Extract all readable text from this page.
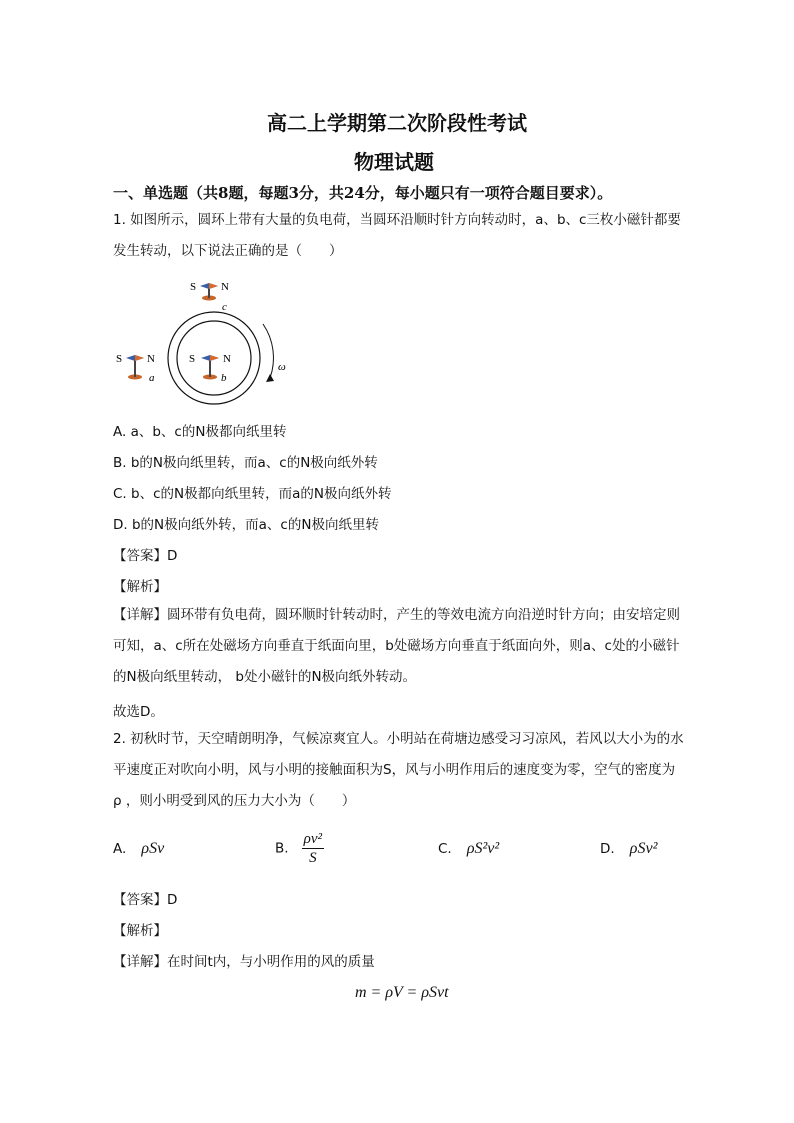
高二上学期第二次阶段性考试
物理试题
一、单选题（共8题，每题3分，共24分，每小题只有一项符合题目要求）。
1. 如图所示，圆环上带有大量的负电荷，当圆环沿顺时针方向转动时，a、b、c三枚小磁针都要
发生转动，以下说法正确的是（　　）
ω
S N
c
S N
a
S	N
b
A. a、b、c的N极都向纸里转
B. b的N极向纸里转，而a、c的N极向纸外转
C. b、c的N极都向纸里转，而a的N极向纸外转
D. b的N极向纸外转，而a、c的N极向纸里转
【答案】D
【解析】
【详解】圆环带有负电荷，圆环顺时针转动时，产生的等效电流方向沿逆时针方向；由安培定则
可知，a、c所在处磁场方向垂直于纸面向里，b处磁场方向垂直于纸面向外，则a、c处的小磁针
的N极向纸里转动， b处小磁针的N极向纸外转动。
故选D。
2. 初秋时节，天空晴朗明净，气候凉爽宜人。小明站在荷塘边感受习习凉风，若风以大小为的水
平速度正对吹向小明，风与小明的接触面积为S，风与小明作用后的速度变为零，空气的密度为
ρ ，则小明受到风的压力大小为（　　）
A. ρSv	B. $\frac{\text{ρv²}}{S}$	C. ρS²v²	D. ρSv²
【答案】D
【解析】
【详解】在时间t内，与小明作用的风的质量
m = ρV = ρSvt
